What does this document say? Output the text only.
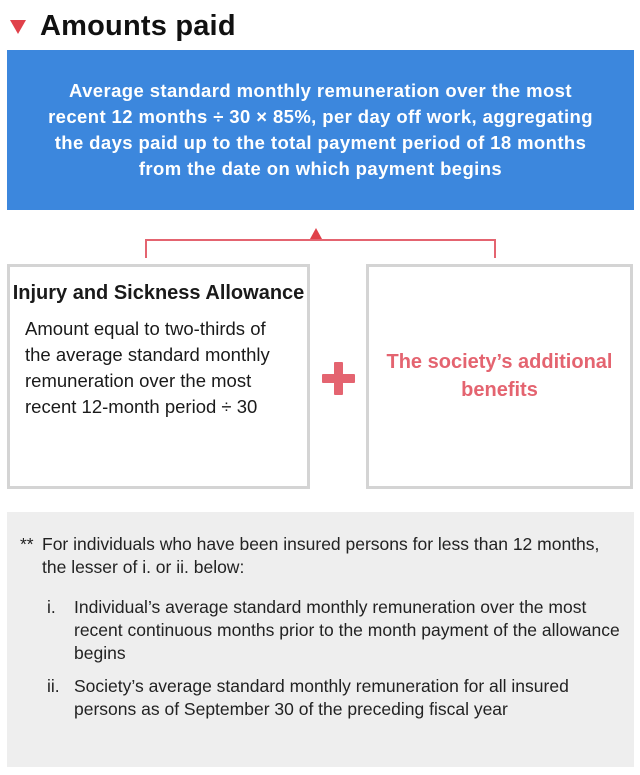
Amounts paid
Average standard monthly remuneration over the most recent 12 months ÷ 30 × 85%, per day off work, aggregating the days paid up to the total payment period of 18 months from the date on which payment begins
Injury and Sickness Allowance
Amount equal to two-thirds of the average standard monthly remuneration over the most recent 12-month period ÷ 30
The society’s additional benefits
** For individuals who have been insured persons for less than 12 months, the lesser of i. or ii. below:
i.	Individual’s average standard monthly remuneration over the most recent continuous months prior to the month payment of the allowance begins
ii. Society’s average standard monthly remuneration for all insured persons as of September 30 of the preceding fiscal year
